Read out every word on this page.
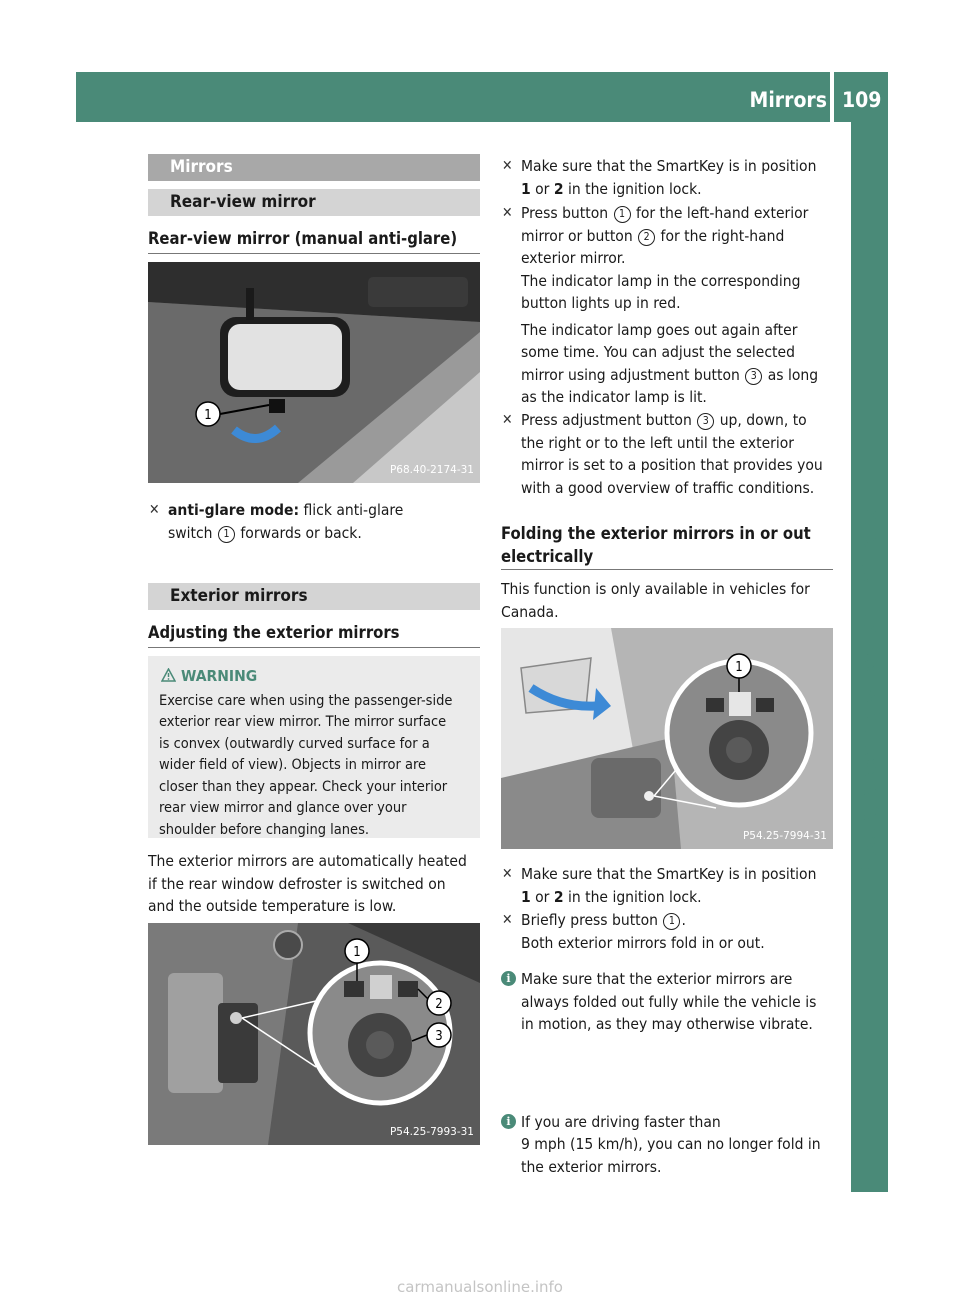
Mirrors 109
Seats, steering wheel and mirrors
Mirrors
Rear-view mirror
Rear-view mirror (manual anti-glare)
1
P68.40-2174-31
✕ anti-glare mode: flick anti-glare

switch 1 forwards or back.

Exterior mirrors
Adjusting the exterior mirrors
WARNING

Exercise care when using the passenger-side

exterior rear view mirror. The mirror surface

is convex (outwardly curved surface for a

wider field of view). Objects in mirror are

closer than they appear. Check your interior

rear view mirror and glance over your

shoulder before changing lanes.

The exterior mirrors are automatically heated

if the rear window defroster is switched on

and the outside temperature is low.

1
2
3
P54.25-7993-31
✕ Make sure that the SmartKey is in position

1 or 2 in the ignition lock.

✕ Press button 1 for the left-hand exterior

mirror or button 2 for the right-hand

exterior mirror.

The indicator lamp in the corresponding

button lights up in red.

The indicator lamp goes out again after

some time. You can adjust the selected

mirror using adjustment button 3 as long

as the indicator lamp is lit.

✕ Press adjustment button 3 up, down, to

the right or to the left until the exterior

mirror is set to a position that provides you

with a good overview of traffic conditions.

Folding the exterior mirrors in or out

electrically

This function is only available in vehicles for

Canada.

1
P54.25-7994-31
✕ Make sure that the SmartKey is in position

1 or 2 in the ignition lock.

✕ Briefly press button 1 .

Both exterior mirrors fold in or out.

i Make sure that the exterior mirrors are

always folded out fully while the vehicle is

in motion, as they may otherwise vibrate.

i If you are driving faster than

9 mph (15 km/h), you can no longer fold in

the exterior mirrors.

carmanualsonline.info
